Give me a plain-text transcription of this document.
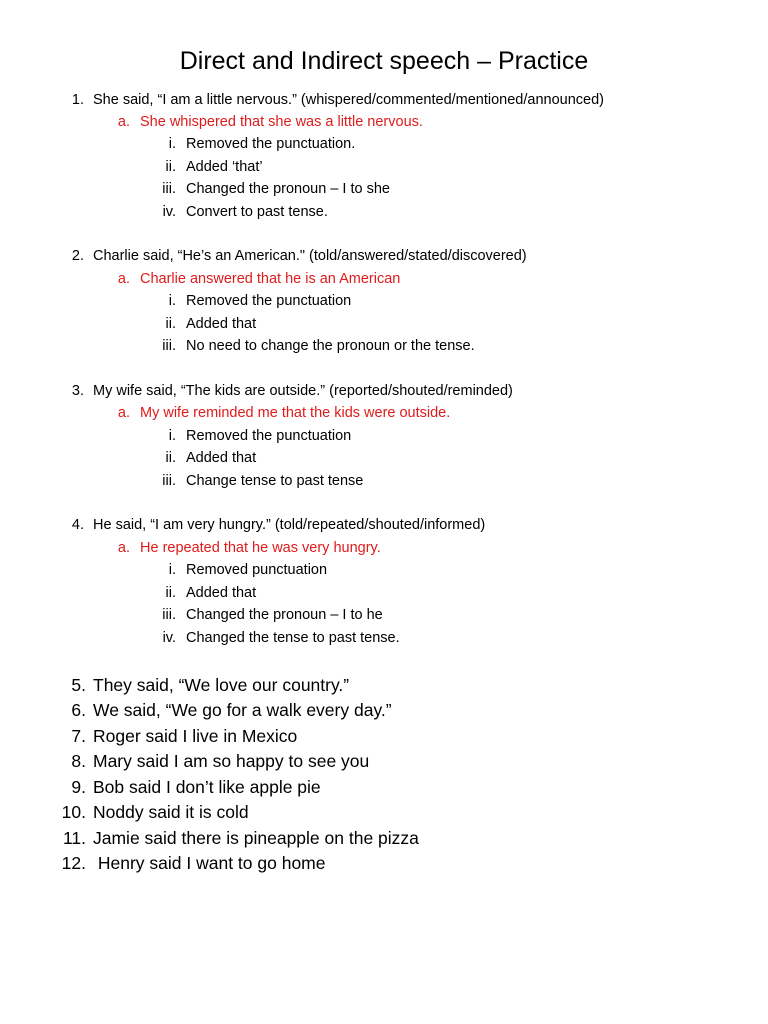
Direct and Indirect speech – Practice
1. She said, “I am a little nervous.” (whispered/commented/mentioned/announced)
a. She whispered that she was a little nervous.
i. Removed the punctuation.
ii. Added ‘that’
iii. Changed the pronoun – I to she
iv. Convert to past tense.
2. Charlie said, “He’s an American." (told/answered/stated/discovered)
a. Charlie answered that he is an American
i. Removed the punctuation
ii. Added that
iii. No need to change the pronoun or the tense.
3. My wife said, “The kids are outside.” (reported/shouted/reminded)
a. My wife reminded me that the kids were outside.
i. Removed the punctuation
ii. Added that
iii. Change tense to past tense
4. He said, “I am very hungry.” (told/repeated/shouted/informed)
a. He repeated that he was very hungry.
i. Removed punctuation
ii. Added that
iii. Changed the pronoun – I to he
iv. Changed the tense to past tense.
5. They said, “We love our country.”
6. We said, “We go for a walk every day.”
7. Roger said I live in Mexico
8. Mary said I am so happy to see you
9. Bob said I don’t like apple pie
10. Noddy said it is cold
11. Jamie said there is pineapple on the pizza
12. Henry said I want to go home
